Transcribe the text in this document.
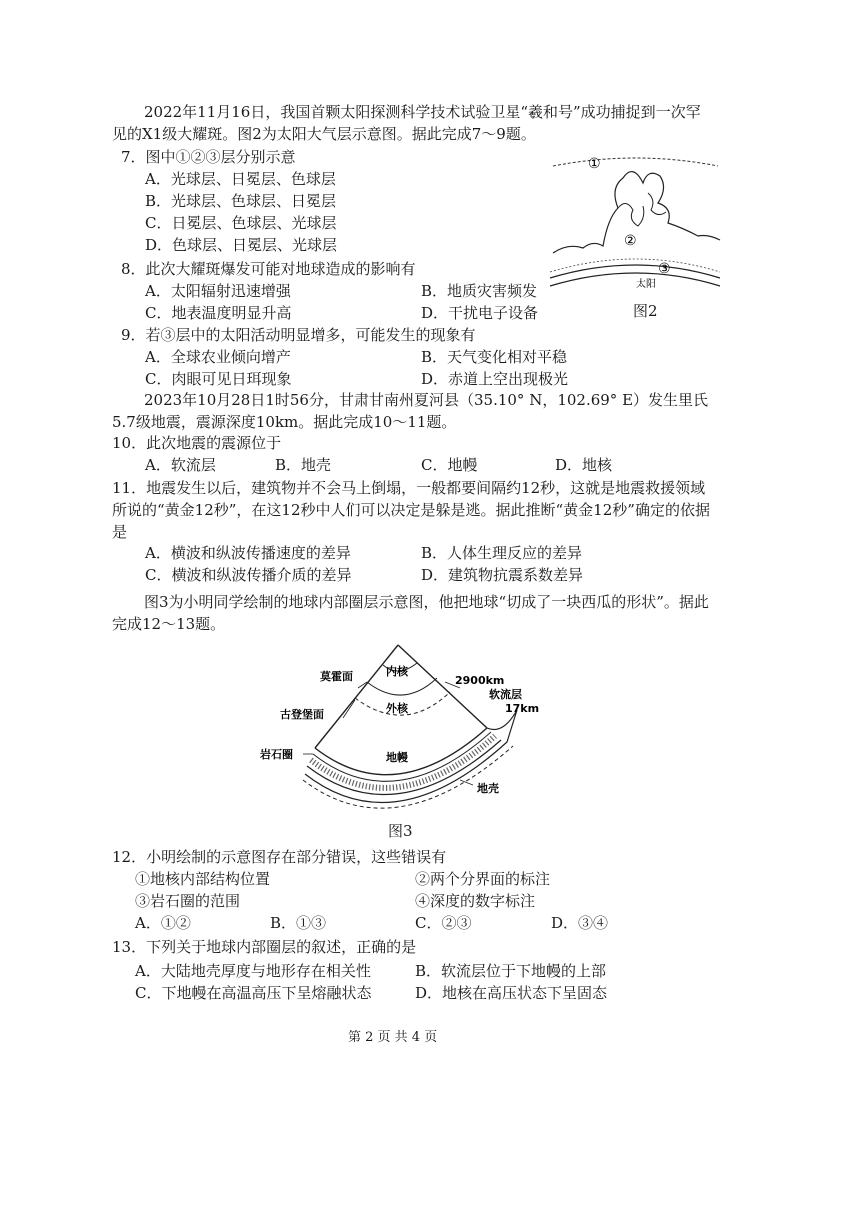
2022年11月16日，我国首颗太阳探测科学技术试验卫星“羲和号”成功捕捉到一次罕见的X1级大耀斑。图2为太阳大气层示意图。据此完成7～9题。
7．图中①②③层分别示意
A．光球层、日冕层、色球层
B．光球层、色球层、日冕层
C．日冕层、色球层、光球层
D．色球层、日冕层、光球层
①
②
③
太阳
图2
8．此次大耀斑爆发可能对地球造成的影响有
A．太阳辐射迅速增强	B．地质灾害频发
C．地表温度明显升高	D．干扰电子设备
9．若③层中的太阳活动明显增多，可能发生的现象有
A．全球农业倾向增产	B．天气变化相对平稳
C．肉眼可见日珥现象	D．赤道上空出现极光
2023年10月28日1时56分，甘肃甘南州夏河县（35.10° N，102.69° E）发生里氏5.7级地震，震源深度10km。据此完成10～11题。
10．此次地震的震源位于
A．软流层	B．地壳	C．地幔	D．地核
11．地震发生以后，建筑物并不会马上倒塌，一般都要间隔约12秒，这就是地震救援领域所说的“黄金12秒”，在这12秒中人们可以决定是躲是逃。据此推断“黄金12秒”确定的依据是
A．横波和纵波传播速度的差异	B．人体生理反应的差异
C．横波和纵波传播介质的差异	D．建筑物抗震系数差异
图3为小明同学绘制的地球内部圈层示意图，他把地球“切成了一块西瓜的形状”。据此完成12～13题。
内核
外核
地幔
莫霍面
古登堡面
岩石圈
软流层
2900km
17km
地壳
图3
12．小明绘制的示意图存在部分错误，这些错误有
①地核内部结构位置	②两个分界面的标注
③岩石圈的范围	④深度的数字标注
A．①②	B．①③	C．②③	D．③④
13．下列关于地球内部圈层的叙述，正确的是
A．大陆地壳厚度与地形存在相关性	B．软流层位于下地幔的上部
C．下地幔在高温高压下呈熔融状态	D．地核在高压状态下呈固态
第 2 页 共 4 页
